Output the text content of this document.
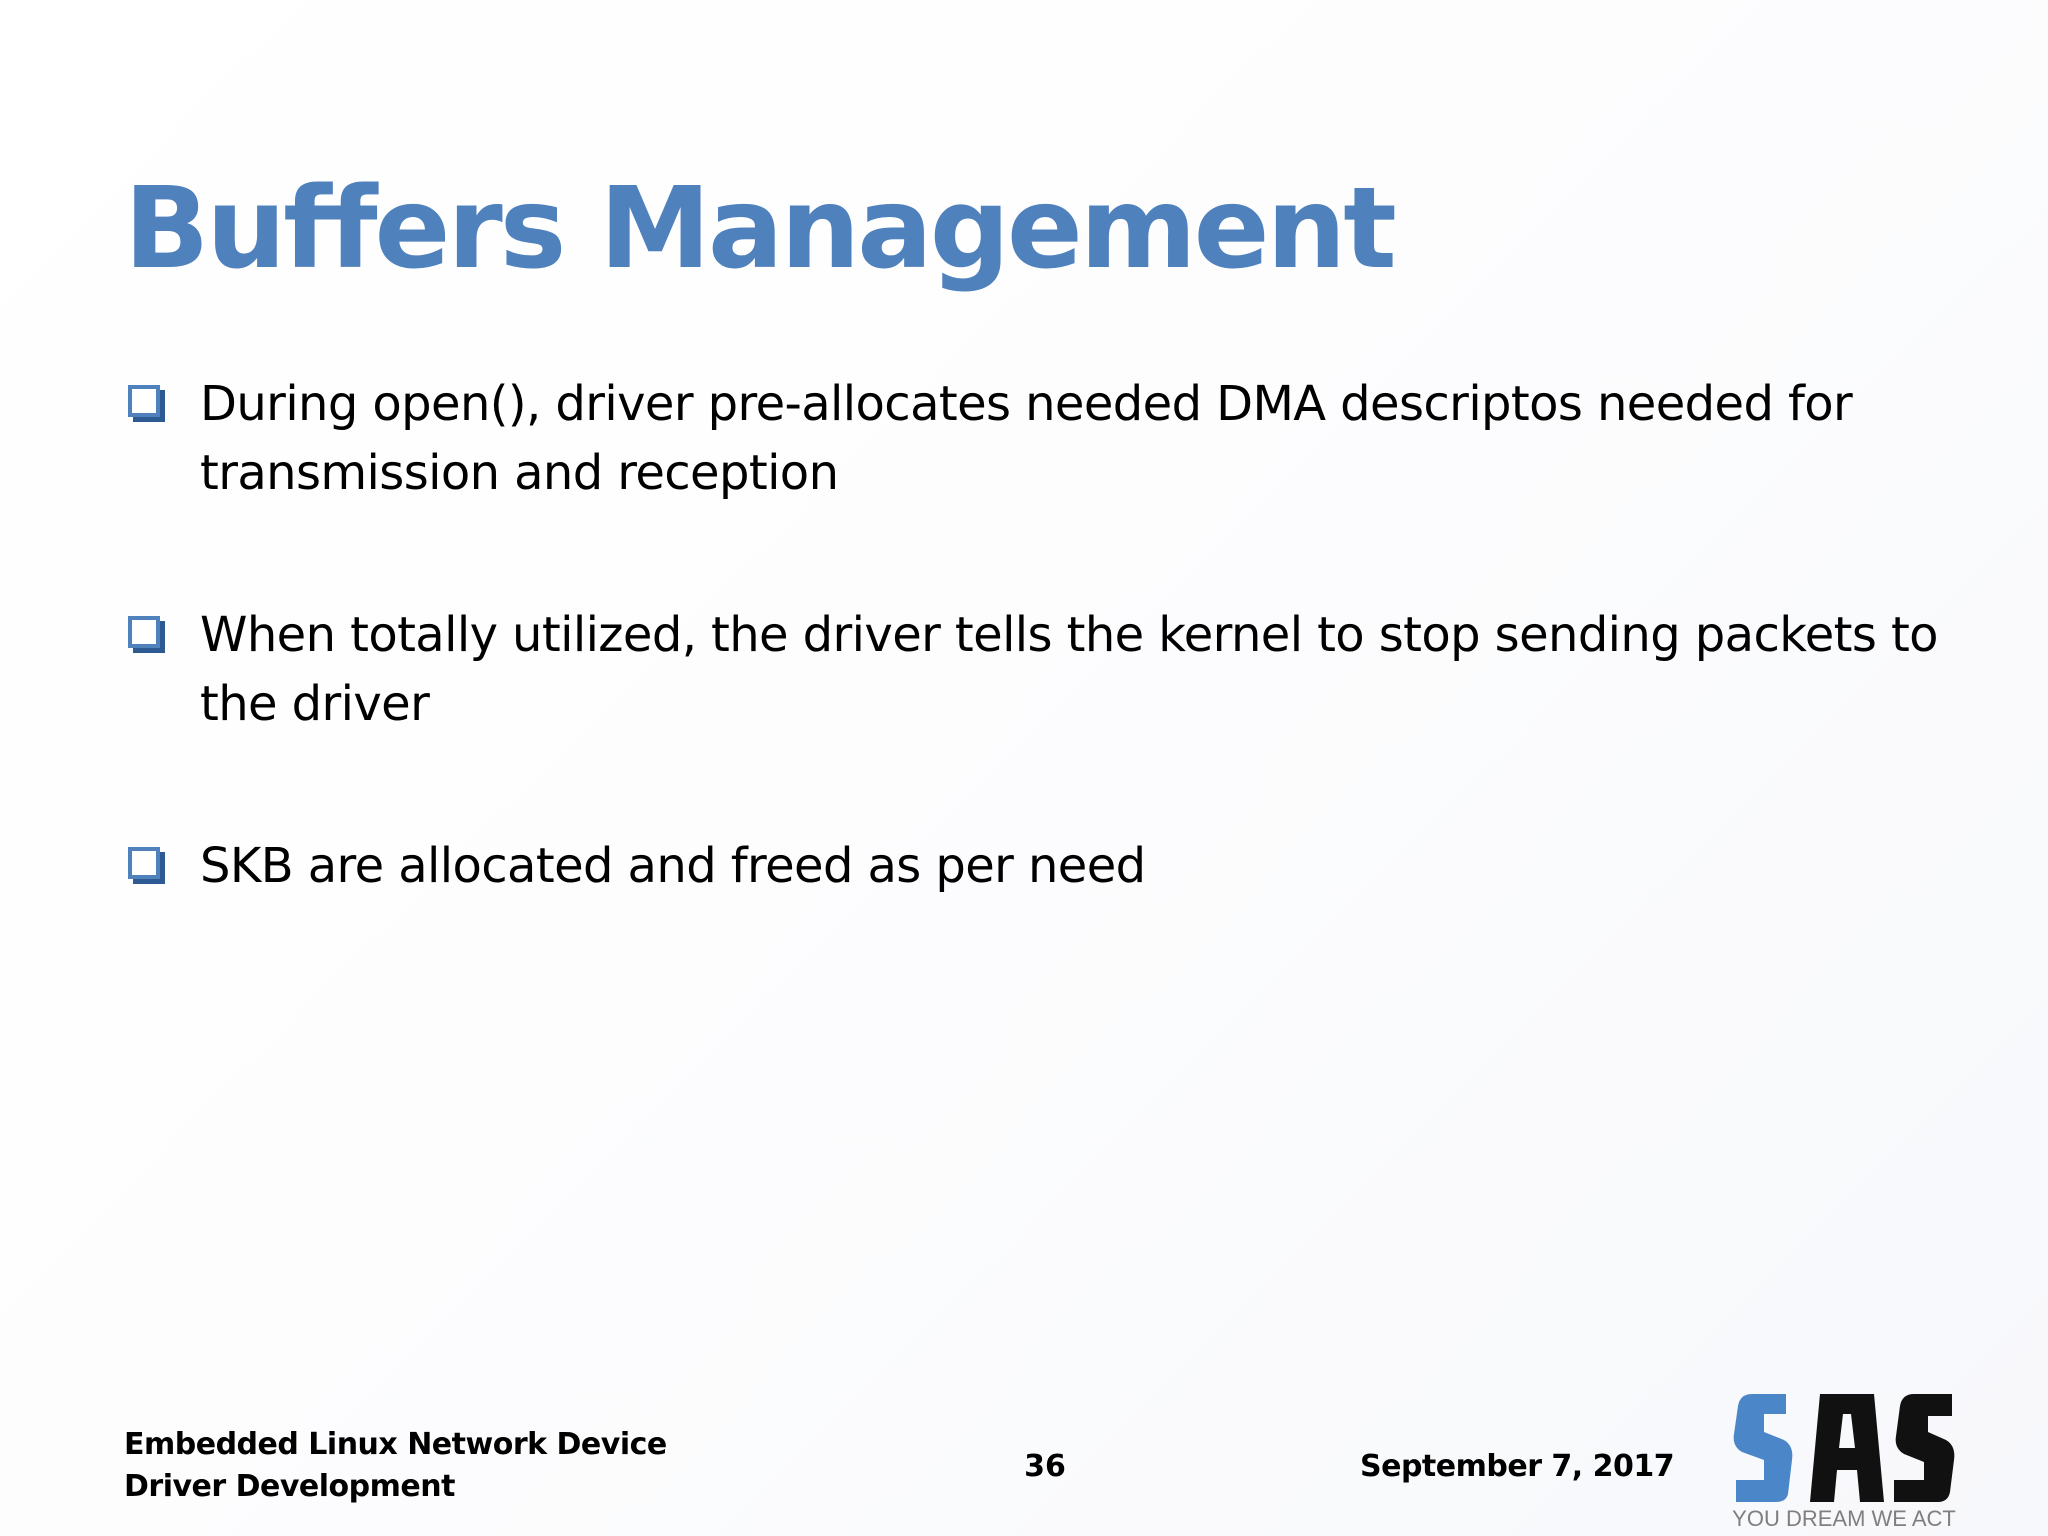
Buffers Management
During open(), driver pre-allocates needed DMA descriptos needed for transmission and reception
When totally utilized, the driver tells the kernel to stop sending packets to the driver
SKB are allocated and freed as per need
Embedded Linux Network Device Driver Development
36	September 7, 2017
YOU DREAM WE ACT
